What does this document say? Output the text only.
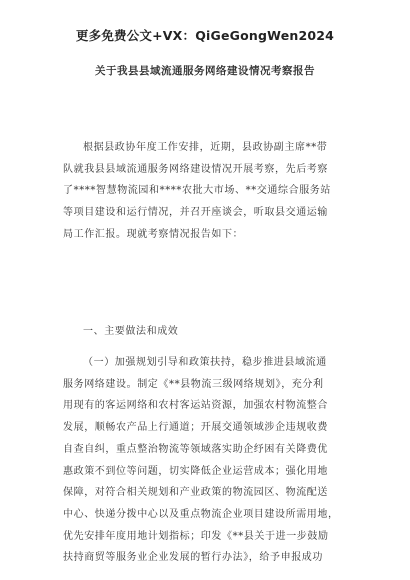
更多免费公文+VX：QiGeGongWen2024
关于我县县域流通服务网络建设情况考察报告
根据县政协年度工作安排，近期，县政协副主席**带
队就我县县域流通服务网络建设情况开展考察，先后考察
了****智慧物流园和****农批大市场、**交通综合服务站
等项目建设和运行情况，并召开座谈会，听取县交通运输
局工作汇报。现就考察情况报告如下：
一、主要做法和成效
（一）加强规划引导和政策扶持，稳步推进县域流通
服务网络建设。制定《**县物流三级网络规划》，充分利
用现有的客运网络和农村客运站资源，加强农村物流整合
发展，顺畅农产品上行通道；开展交通领域涉企违规收费
自查自纠，重点整治物流等领域落实助企纾困有关降费优
惠政策不到位等问题，切实降低企业运营成本；强化用地
保障，对符合相关规划和产业政策的物流园区、物流配送
中心、快递分拨中心以及重点物流企业项目建设所需用地，
优先安排年度用地计划指标；印发《**县关于进一步鼓励
扶持商贸等服务业企业发展的暂行办法》，给予申报成功
